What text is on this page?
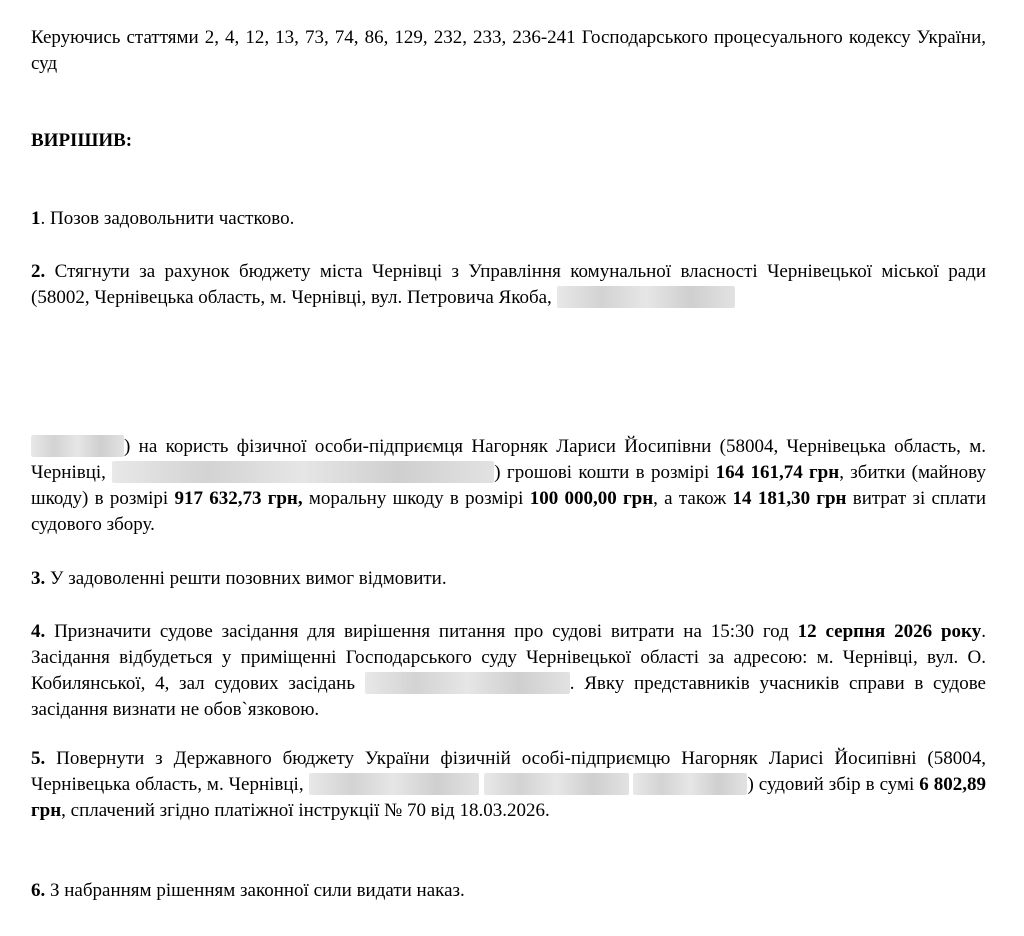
Керуючись статтями 2, 4, 12, 13, 73, 74, 86, 129, 232, 233, 236-241 Господарського процесуального кодексу України, суд

ВИРІШИВ:

1. Позов задовольнити частково.

2. Стягнути за рахунок бюджету міста Чернівці з Управління комунальної власності Чернівецької міської ради (58002, Чернівецька область, м. Чернівці, вул. Петровича Якоба,

) на користь фізичної особи-підприємця Нагорняк Лариси Йосипівни (58004, Чернівецька область, м. Чернівці,	) грошові кошти в розмірі 164 161,74 грн, збитки (майнову шкоду) в розмірі 917 632,73 грн, моральну шкоду в розмірі 100 000,00 грн, а також 14 181,30 грн витрат зі сплати судового збору.

3. У задоволенні решти позовних вимог відмовити.

4. Призначити судове засідання для вирішення питання про судові витрати на 15:30 год 12 серпня 2026 року. Засідання відбудеться у приміщенні Господарського суду Чернівецької області за адресою: м. Чернівці, вул. О. Кобилянської, 4, зал судових засідань	. Явку представників учасників справи в судове засідання визнати не обов`язковою.

5. Повернути з Державного бюджету України фізичній особі-підприємцю Нагорняк Ларисі Йосипівні (58004, Чернівецька область, м. Чернівці,	) судовий збір в сумі 6 802,89 грн, сплачений згідно платіжної інструкції № 70 від 18.03.2026.

6. З набранням рішенням законної сили видати наказ.
